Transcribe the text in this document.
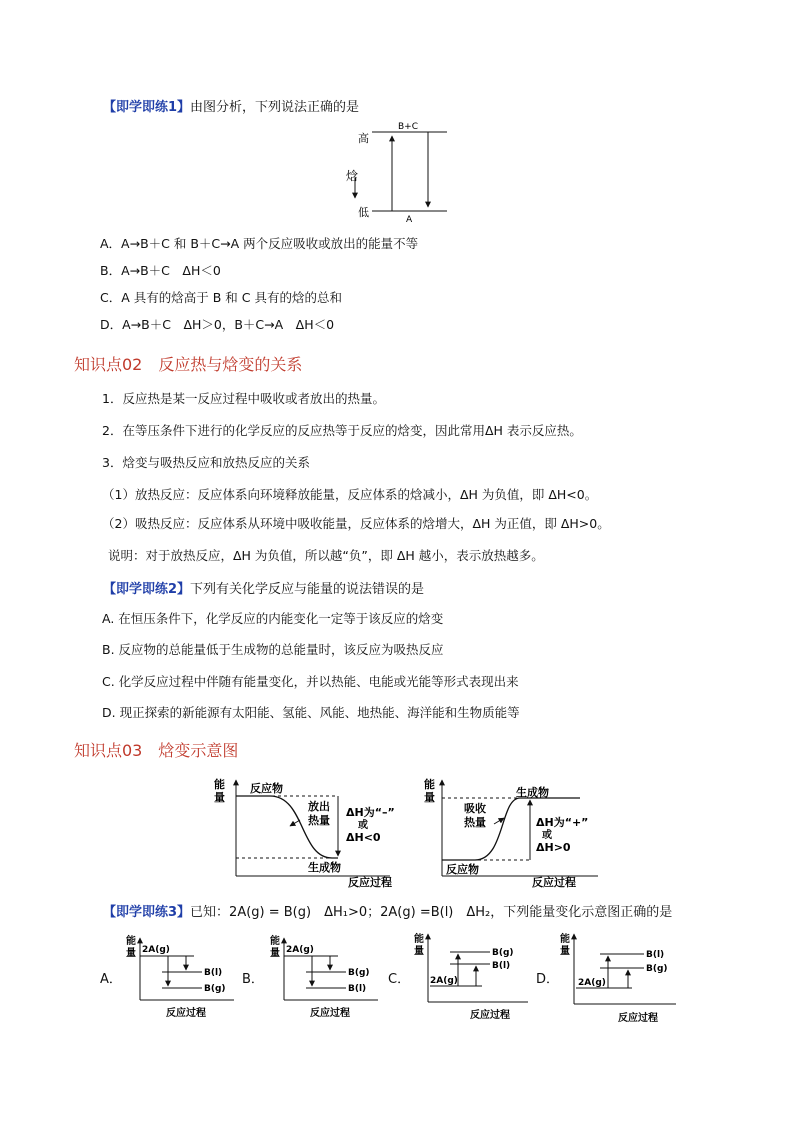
【即学即练1】由图分析，下列说法正确的是
高
焓
低
B+C
A
A．A→B＋C 和 B＋C→A 两个反应吸收或放出的能量不等
B．A→B＋C　ΔH＜0
C．A 具有的焓高于 B 和 C 具有的焓的总和
D．A→B＋C　ΔH＞0，B＋C→A　ΔH＜0
知识点02　反应热与焓变的关系
1．反应热是某一反应过程中吸收或者放出的热量。
2．在等压条件下进行的化学反应的反应热等于反应的焓变，因此常用ΔH 表示反应热。
3．焓变与吸热反应和放热反应的关系
（1）放热反应：反应体系向环境释放能量，反应体系的焓减小，ΔH 为负值，即 ΔH<0。
（2）吸热反应：反应体系从环境中吸收能量，反应体系的焓增大，ΔH 为正值，即 ΔH>0。
说明：对于放热反应，ΔH 为负值，所以越“负”，即 ΔH 越小，表示放热越多。
【即学即练2】下列有关化学反应与能量的说法错误的是
A. 在恒压条件下，化学反应的内能变化一定等于该反应的焓变
B. 反应物的总能量低于生成物的总能量时，该反应为吸热反应
C. 化学反应过程中伴随有能量变化，并以热能、电能或光能等形式表现出来
D. 现正探索的新能源有太阳能、氢能、风能、地热能、海洋能和生物质能等
知识点03　焓变示意图
能
量
反应物
放出
热量
ΔH为“–”
或
ΔH<0
生成物
反应过程
能
量	生成物
吸收
热量	ΔH为“+”
或
ΔH>0
反应物
反应过程
【即学即练3】已知：2A(g) = B(g)　ΔH₁>0；2A(g) =B(l)　ΔH₂，下列能量变化示意图正确的是
A．
能
量 2A(g)
B(l)
B(g)
反应过程
B．
能
量 2A(g)
B(g)
B(l)
反应过程
C．
能
量
2A(g)
B(g)
B(l)
反应过程
D．
能
量
2A(g)
B(l)
B(g)
反应过程
